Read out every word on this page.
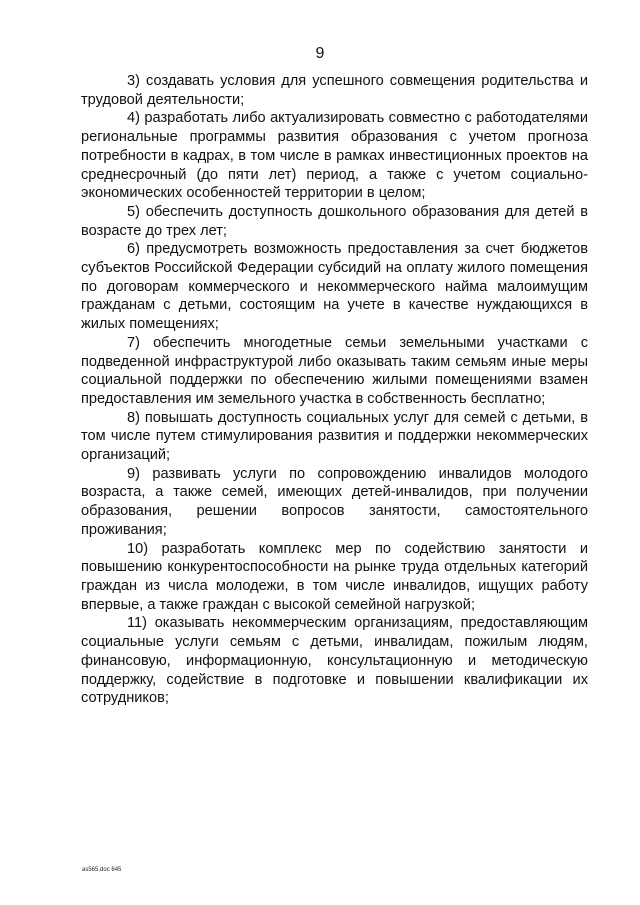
9

3) создавать условия для успешного совмещения родительства и трудовой деятельности;

4) разработать либо актуализировать совместно с работодателями региональные программы развития образования с учетом прогноза потребности в кадрах, в том числе в рамках инвестиционных проектов на среднесрочный (до пяти лет) период, а также с учетом социально-экономических особенностей территории в целом;

5) обеспечить доступность дошкольного образования для детей в возрасте до трех лет;

6) предусмотреть возможность предоставления за счет бюджетов субъектов Российской Федерации субсидий на оплату жилого помещения по договорам коммерческого и некоммерческого найма малоимущим гражданам с детьми, состоящим на учете в качестве нуждающихся в жилых помещениях;

7) обеспечить многодетные семьи земельными участками с подведенной инфраструктурой либо оказывать таким семьям иные меры социальной поддержки по обеспечению жилыми помещениями взамен предоставления им земельного участка в собственность бесплатно;

8) повышать доступность социальных услуг для семей с детьми, в том числе путем стимулирования развития и поддержки некоммерческих организаций;

9) развивать услуги по сопровождению инвалидов молодого возраста, а также семей, имеющих детей-инвалидов, при получении образования, решении вопросов занятости, самостоятельного проживания;

10) разработать комплекс мер по содействию занятости и повышению конкурентоспособности на рынке труда отдельных категорий граждан из числа молодежи, в том числе инвалидов, ищущих работу впервые, а также граждан с высокой семейной нагрузкой;

11) оказывать некоммерческим организациям, предоставляющим социальные услуги семьям с детьми, инвалидам, пожилым людям, финансовую, информационную, консультационную и методическую поддержку, содействие в подготовке и повышении квалификации их сотрудников;

as565.doc 645
